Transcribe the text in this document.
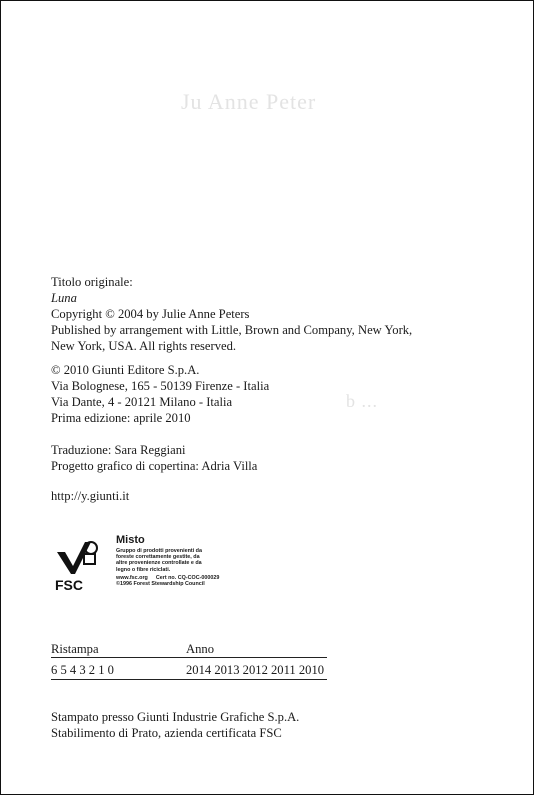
Ju Anne Peter
b ...
Titolo originale:
Luna
Copyright © 2004 by Julie Anne Peters
Published by arrangement with Little, Brown and Company, New York,
New York, USA. All rights reserved.
© 2010 Giunti Editore S.p.A.
Via Bolognese, 165 - 50139 Firenze - Italia
Via Dante, 4 - 20121 Milano - Italia
Prima edizione: aprile 2010
Traduzione: Sara Reggiani
Progetto grafico di copertina: Adria Villa
http://y.giunti.it
FSC
Misto
Gruppo di prodotti provenienti da
foreste correttamente gestite, da
altre provenienze controllate e da
legno o fibre riciclati.
www.fsc.org Cert no. CQ-COC-000029
©1996 Forest Stewardship Council
Ristampa	Anno
6 5 4 3 2 1 0	2014 2013 2012 2011 2010
Stampato presso Giunti Industrie Grafiche S.p.A.
Stabilimento di Prato, azienda certificata FSC
